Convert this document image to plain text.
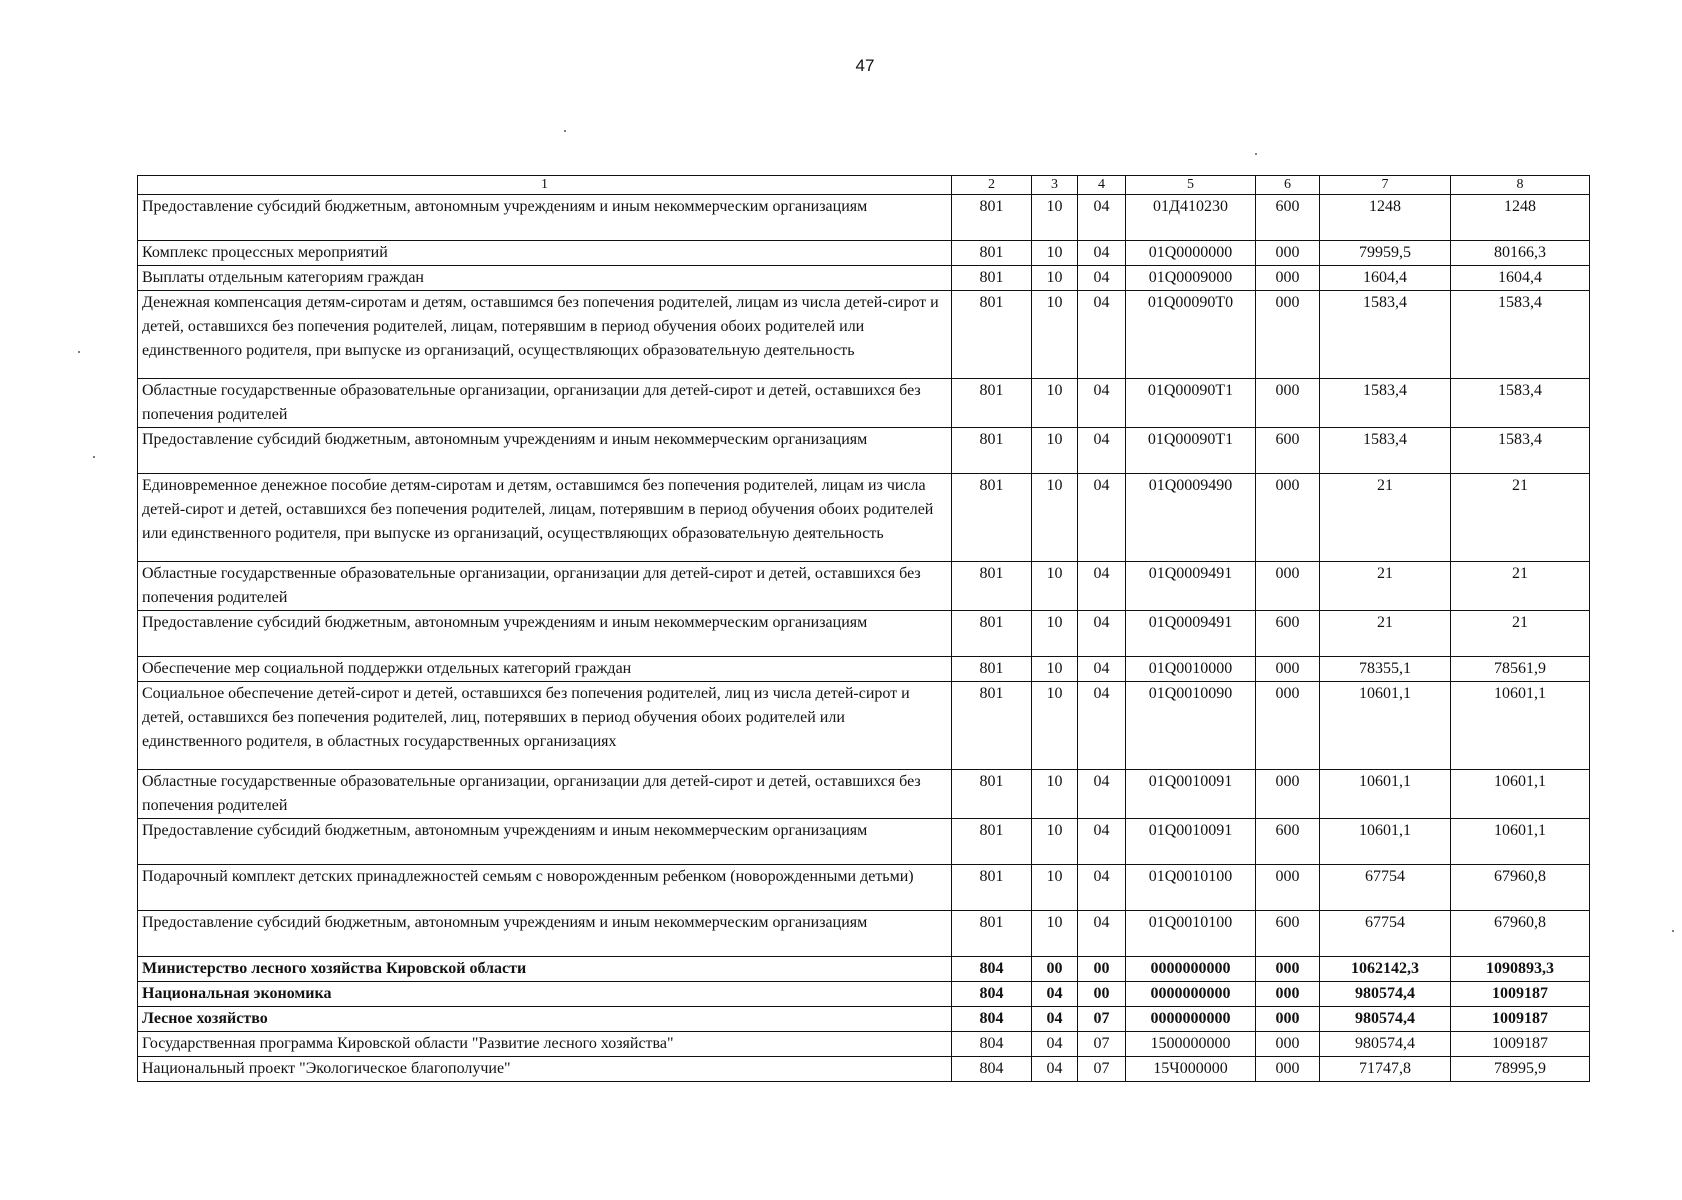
47
1	2	3	4	5	6	7	8
Предоставление субсидий бюджетным, автономным учреждениям и иным некоммерческим организациям	801	10	04	01Д410230	600	1248	1248
Комплекс процессных мероприятий	801	10	04	01Q0000000	000	79959,5	80166,3
Выплаты отдельным категориям граждан	801	10	04	01Q0009000	000	1604,4	1604,4
Денежная компенсация детям-сиротам и детям, оставшимся без попечения родителей, лицам из числа детей-сирот и детей, оставшихся без попечения родителей, лицам, потерявшим в период обучения обоих родителей или единственного родителя, при выпуске из организаций, осуществляющих образовательную деятельность	801	10	04	01Q00090T0	000	1583,4	1583,4
Областные государственные образовательные организации, организации для детей-сирот и детей, оставшихся без попечения родителей	801	10	04	01Q00090T1	000	1583,4	1583,4
Предоставление субсидий бюджетным, автономным учреждениям и иным некоммерческим организациям	801	10	04	01Q00090T1	600	1583,4	1583,4
Единовременное денежное пособие детям-сиротам и детям, оставшимся без попечения родителей, лицам из числа детей-сирот и детей, оставшихся без попечения родителей, лицам, потерявшим в период обучения обоих родителей или единственного родителя, при выпуске из организаций, осуществляющих образовательную деятельность	801	10	04	01Q0009490	000	21	21
Областные государственные образовательные организации, организации для детей-сирот и детей, оставшихся без попечения родителей	801	10	04	01Q0009491	000	21	21
Предоставление субсидий бюджетным, автономным учреждениям и иным некоммерческим организациям	801	10	04	01Q0009491	600	21	21
Обеспечение мер социальной поддержки отдельных категорий граждан	801	10	04	01Q0010000	000	78355,1	78561,9
Социальное обеспечение детей-сирот и детей, оставшихся без попечения родителей, лиц из числа детей-сирот и детей, оставшихся без попечения родителей, лиц, потерявших в период обучения обоих родителей или единственного родителя, в областных государственных организациях	801	10	04	01Q0010090	000	10601,1	10601,1
Областные государственные образовательные организации, организации для детей-сирот и детей, оставшихся без попечения родителей	801	10	04	01Q0010091	000	10601,1	10601,1
Предоставление субсидий бюджетным, автономным учреждениям и иным некоммерческим организациям	801	10	04	01Q0010091	600	10601,1	10601,1
Подарочный комплект детских принадлежностей семьям с новорожденным ребенком (новорожденными детьми)	801	10	04	01Q0010100	000	67754	67960,8
Предоставление субсидий бюджетным, автономным учреждениям и иным некоммерческим организациям	801	10	04	01Q0010100	600	67754	67960,8
Министерство лесного хозяйства Кировской области	804	00	00	0000000000	000	1062142,3	1090893,3
Национальная экономика	804	04	00	0000000000	000	980574,4	1009187
Лесное хозяйство	804	04	07	0000000000	000	980574,4	1009187
Государственная программа Кировской области "Развитие лесного хозяйства"	804	04	07	1500000000	000	980574,4	1009187
Национальный проект "Экологическое благополучие"	804	04	07	15Ч000000	000	71747,8	78995,9
